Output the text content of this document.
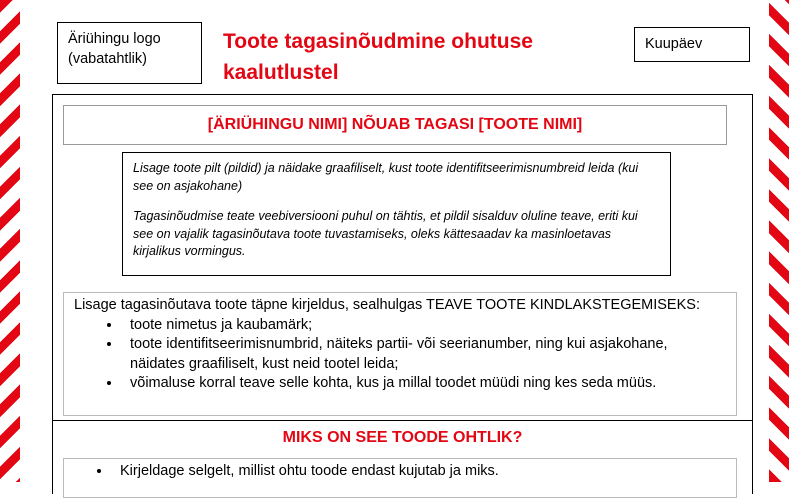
Äriühingu logo (vabatahtlik)
Toote tagasinõudmine ohutuse kaalutlustel
Kuupäev
[ÄRIÜHINGU NIMI] NÕUAB TAGASI [TOOTE NIMI]

Lisage toote pilt (pildid) ja näidake graafiliselt, kust toote identifitseerimisnumbreid leida (kui see on asjakohane)

Tagasinõudmise teate veebiversiooni puhul on tähtis, et pildil sisalduv oluline teave, eriti kui see on vajalik tagasinõutava toote tuvastamiseks, oleks kättesaadav ka masinloetavas kirjalikus vormingus.

Lisage tagasinõutava toote täpne kirjeldus, sealhulgas TEAVE TOOTE KINDLAKSTEGEMISEKS:
• toote nimetus ja kaubamärk;
• toote identifitseerimisnumbrid, näiteks partii- või seerianumber, ning kui asjakohane, näidates graafiliselt, kust neid tootel leida;
• võimaluse korral teave selle kohta, kus ja millal toodet müüdi ning kes seda müüs.
MIKS ON SEE TOODE OHTLIK?
• Kirjeldage selgelt, millist ohtu toode endast kujutab ja miks.
